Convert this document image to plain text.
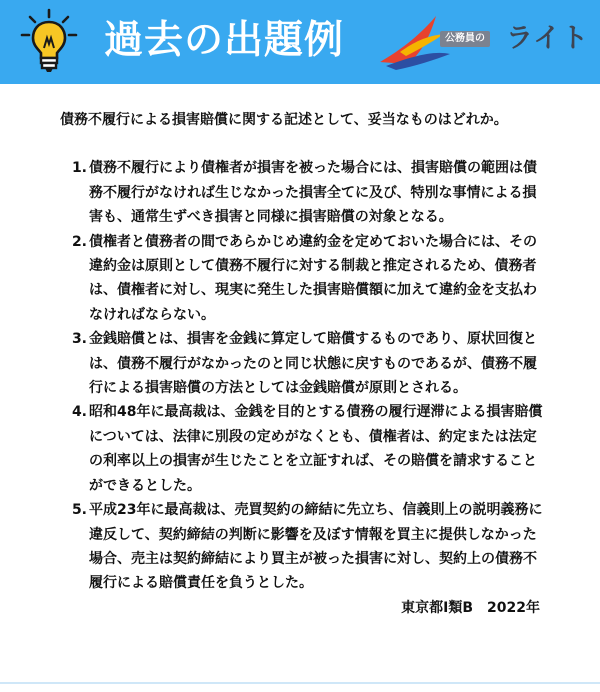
過去の出題例	公務員の ライト

債務不履行による損害賠償に関する記述として、妥当なものはどれか。

1. 債務不履行により債権者が損害を被った場合には、損害賠償の範囲は債務不履行がなければ生じなかった損害全てに及び、特別な事情による損害も、通常生ずべき損害と同様に損害賠償の対象となる。
2. 債権者と債務者の間であらかじめ違約金を定めておいた場合には、その違約金は原則として債務不履行に対する制裁と推定されるため、債務者は、債権者に対し、現実に発生した損害賠償額に加えて違約金を支払わなければならない。
3. 金銭賠償とは、損害を金銭に算定して賠償するものであり、原状回復とは、債務不履行がなかったのと同じ状態に戻すものであるが、債務不履行による損害賠償の方法としては金銭賠償が原則とされる。
4. 昭和48年に最高裁は、金銭を目的とする債務の履行遅滞による損害賠償については、法律に別段の定めがなくとも、債権者は、約定または法定の利率以上の損害が生じたことを立証すれば、その賠償を請求することができるとした。
5. 平成23年に最高裁は、売買契約の締結に先立ち、信義則上の説明義務に違反して、契約締結の判断に影響を及ぼす情報を買主に提供しなかった場合、売主は契約締結により買主が被った損害に対し、契約上の債務不履行による賠償責任を負うとした。
東京都Ⅰ類B　2022年
